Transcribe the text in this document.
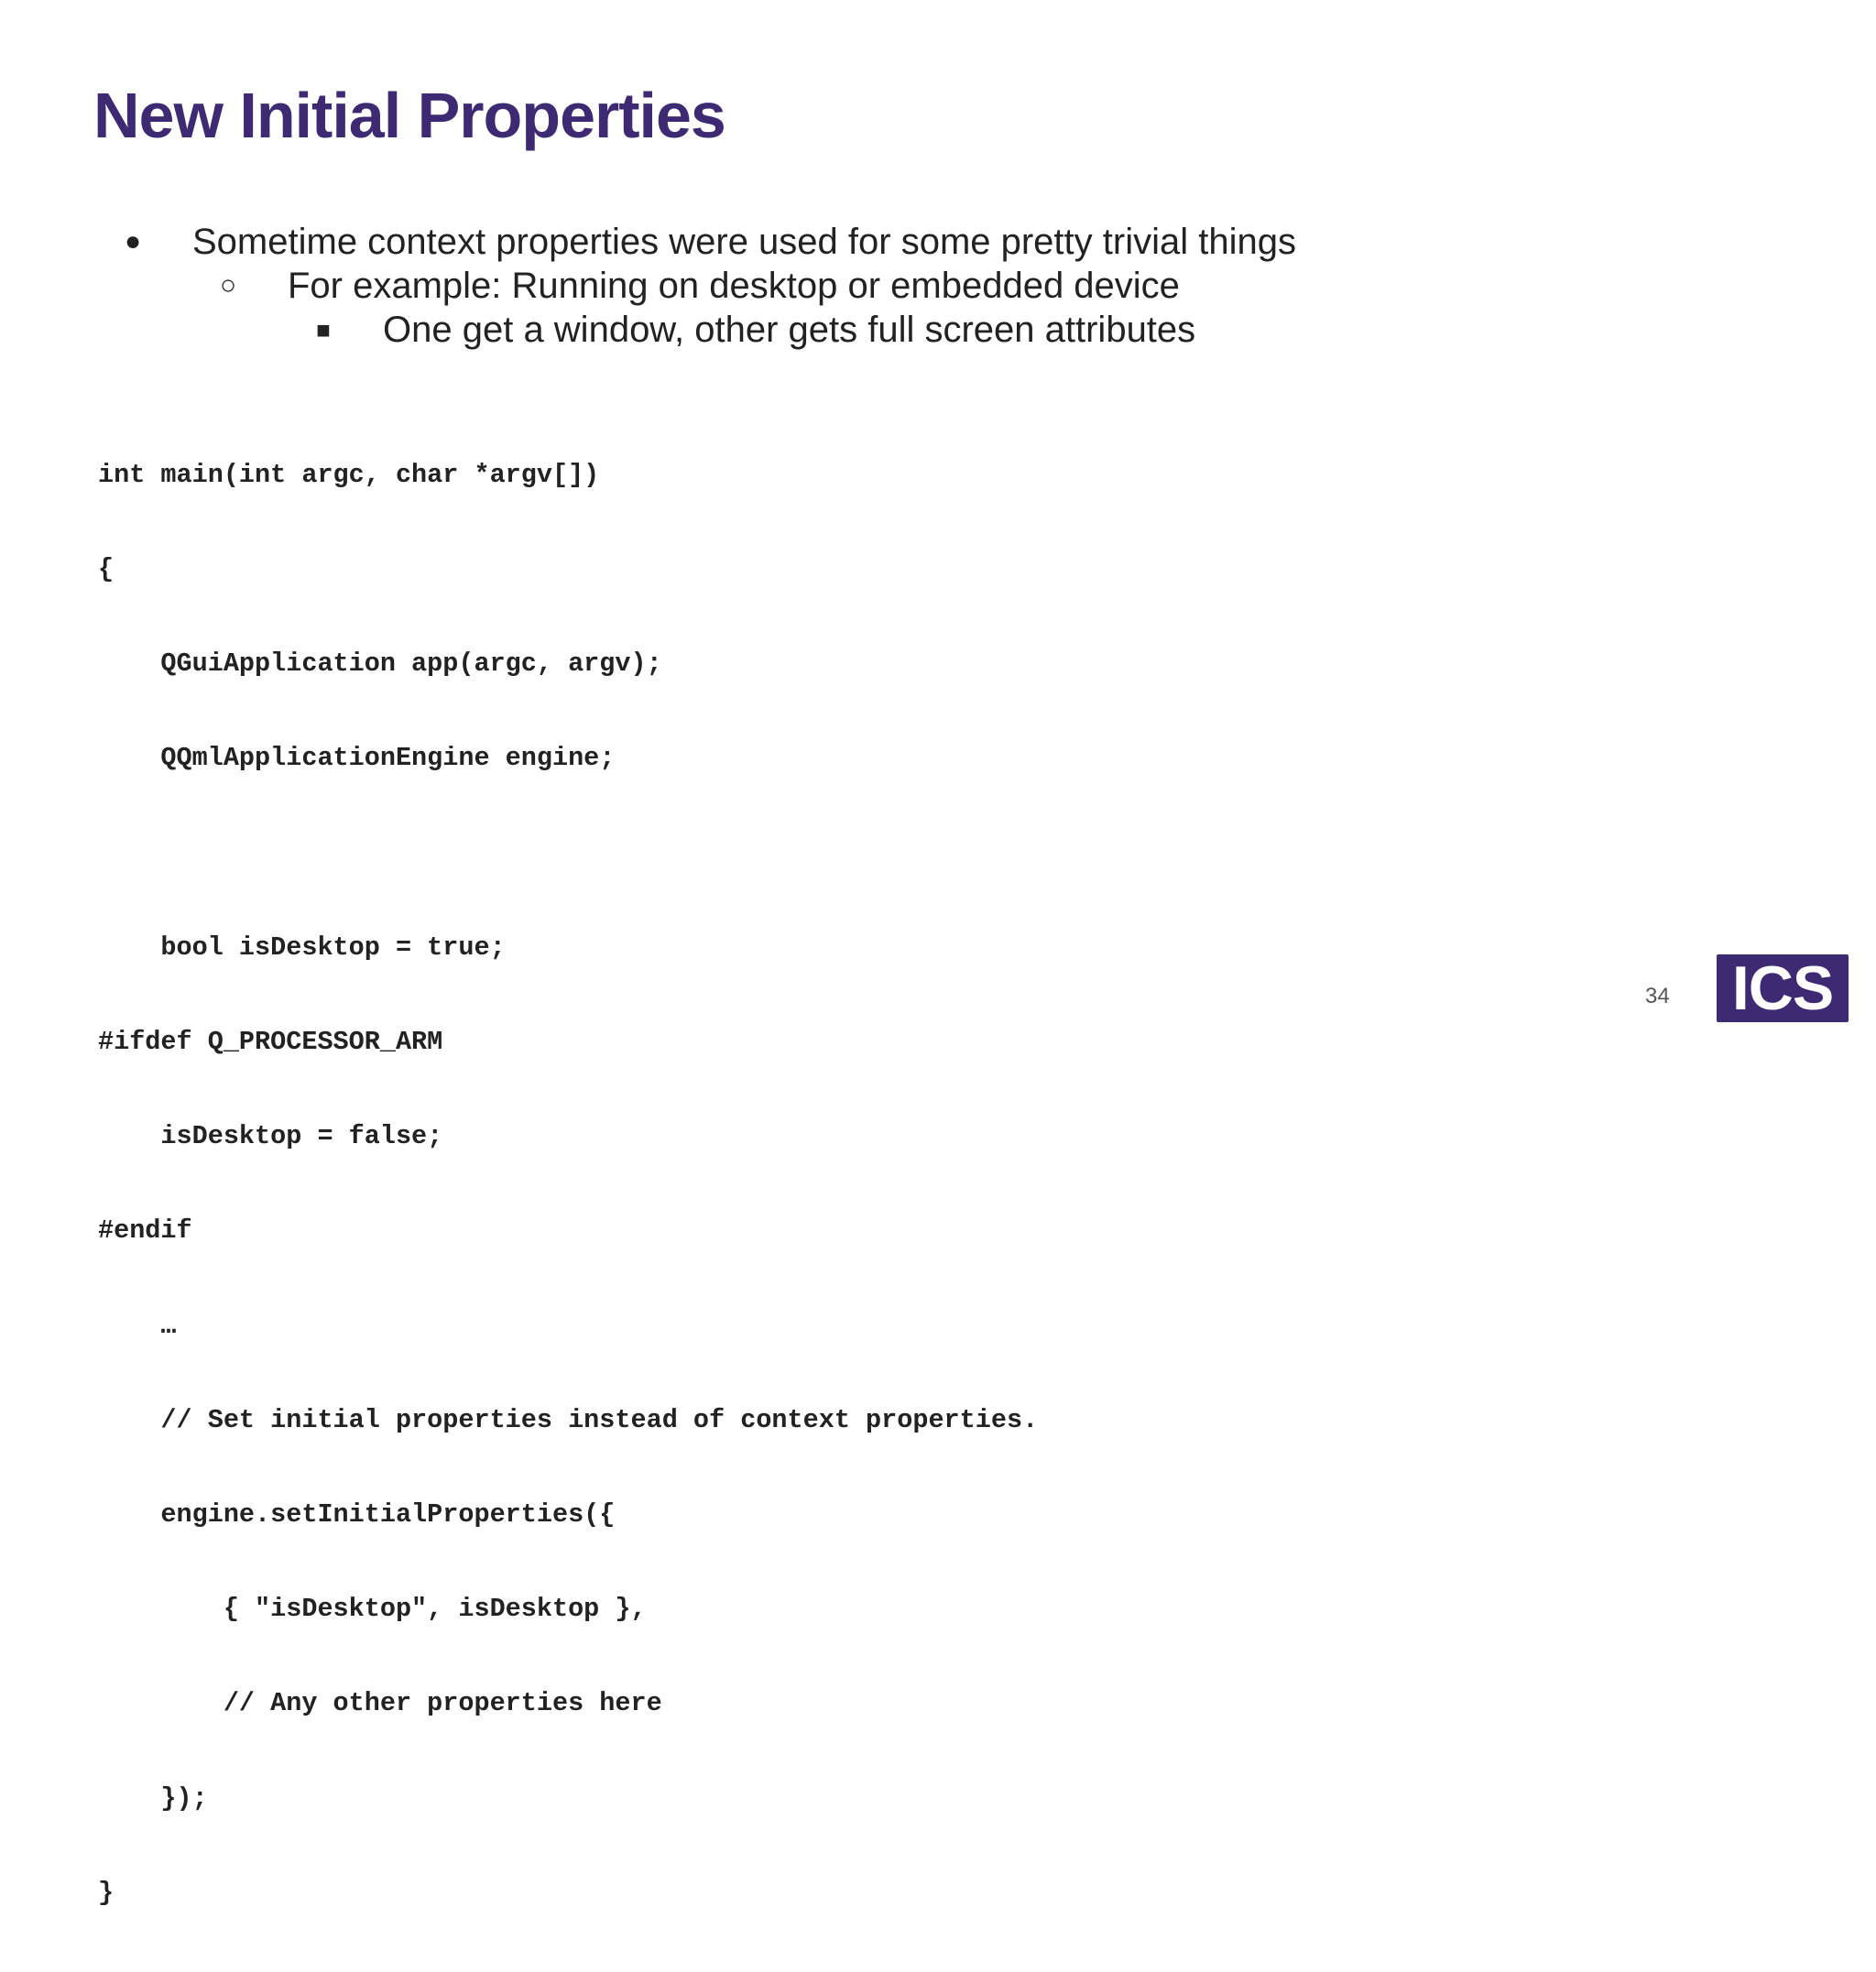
New Initial Properties
● Sometime context properties were used for some pretty trivial things
○ For example: Running on desktop or embedded device
■ One get a window, other gets full screen attributes

int main(int argc, char *argv[])

{

QGuiApplication app(argc, argv);

QQmlApplicationEngine engine;

bool isDesktop = true;

#ifdef Q_PROCESSOR_ARM

isDesktop = false;

#endif

…

// Set initial properties instead of context properties.

engine.setInitialProperties({

{ "isDesktop", isDesktop },

// Any other properties here

});

}

34 ICS
